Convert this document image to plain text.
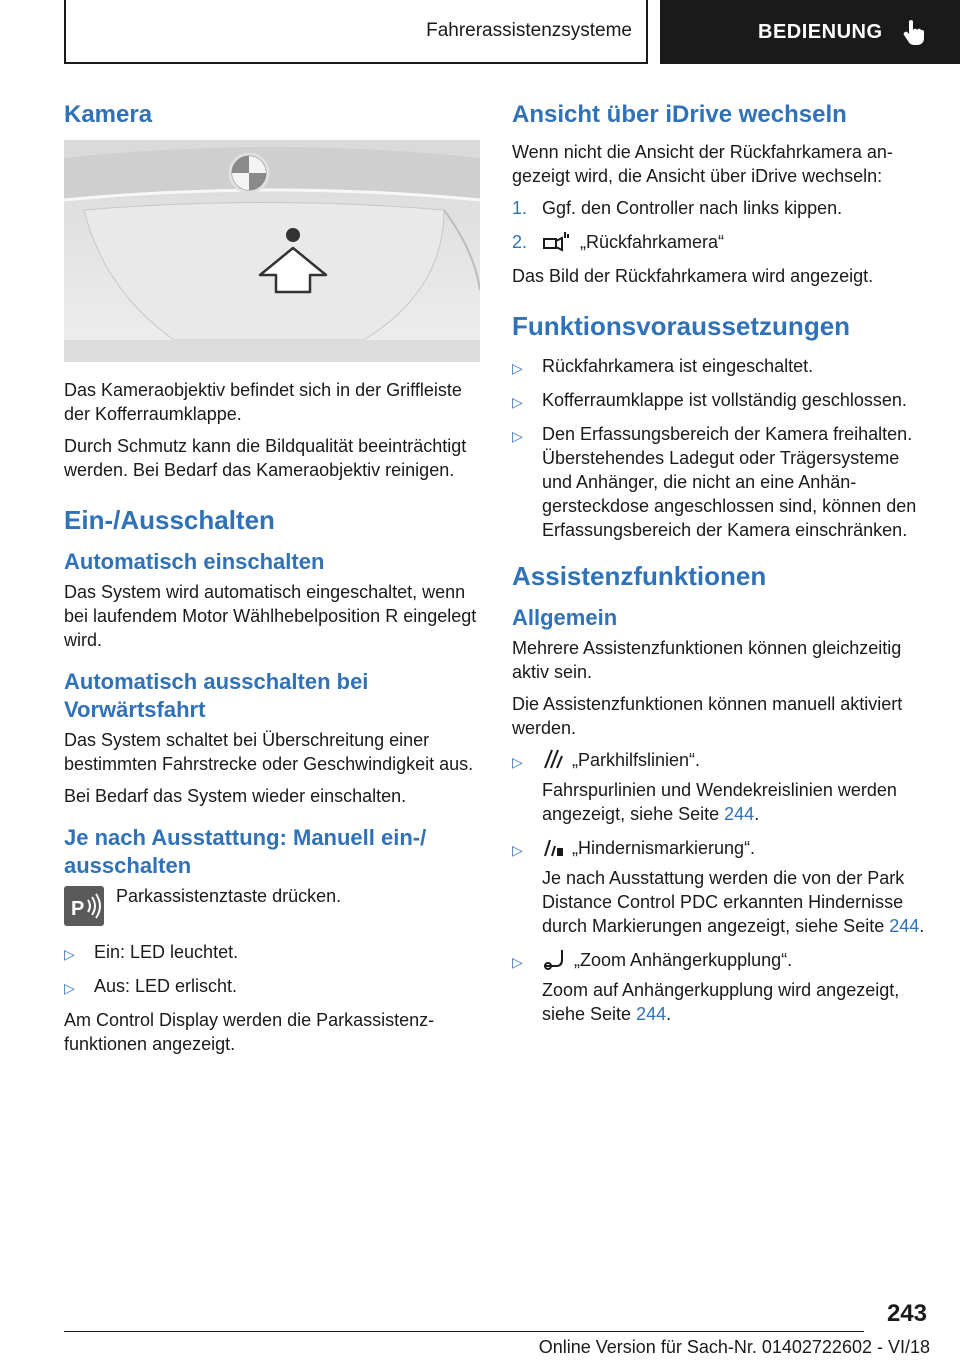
Fahrerassistenzsysteme	BEDIENUNG
Kamera

Das Kameraobjektiv befindet sich in der Griffleiste der Kofferraumklappe.

Durch Schmutz kann die Bildqualität beeinträchtigt werden. Bei Bedarf das Kameraobjektiv reinigen.

Ein-/Ausschalten
Automatisch einschalten

Das System wird automatisch eingeschaltet, wenn bei laufendem Motor Wählhebelposition R eingelegt wird.

Automatisch ausschalten bei Vorwärtsfahrt

Das System schaltet bei Überschreitung einer bestimmten Fahrstrecke oder Geschwindigkeit aus.

Bei Bedarf das System wieder einschalten.

Je nach Ausstattung: Manuell ein-/ ausschalten
P
Parkassistenztaste drücken.
▷ Ein: LED leuchtet.
▷ Aus: LED erlischt.

Am Control Display werden die Parkassistenzfunktionen angezeigt.

Ansicht über iDrive wechseln

Wenn nicht die Ansicht der Rückfahrkamera angezeigt wird, die Ansicht über iDrive wechseln:

1. Ggf. den Controller nach links kippen.
2.	„Rückfahrkamera“

Das Bild der Rückfahrkamera wird angezeigt.

Funktionsvoraussetzungen
▷ Rückfahrkamera ist eingeschaltet.
▷ Kofferraumklappe ist vollständig geschlossen.
▷ Den Erfassungsbereich der Kamera freihalten. Überstehendes Ladegut oder Trägersysteme und Anhänger, die nicht an eine Anhängersteckdose angeschlossen sind, können den Erfassungsbereich der Kamera einschränken.
Assistenzfunktionen
Allgemein

Mehrere Assistenzfunktionen können gleichzeitig aktiv sein.

Die Assistenzfunktionen können manuell aktiviert werden.

▷	„Parkhilfslinien“.
Fahrspurlinien und Wendekreislinien werden angezeigt, siehe Seite 244.
▷	„Hindernismarkierung“.
Je nach Ausstattung werden die von der Park Distance Control PDC erkannten Hindernisse durch Markierungen angezeigt, siehe Seite 244.
▷	„Zoom Anhängerkupplung“.
Zoom auf Anhängerkupplung wird angezeigt, siehe Seite 244.
243
Online Version für Sach-Nr. 01402722602 - VI/18
